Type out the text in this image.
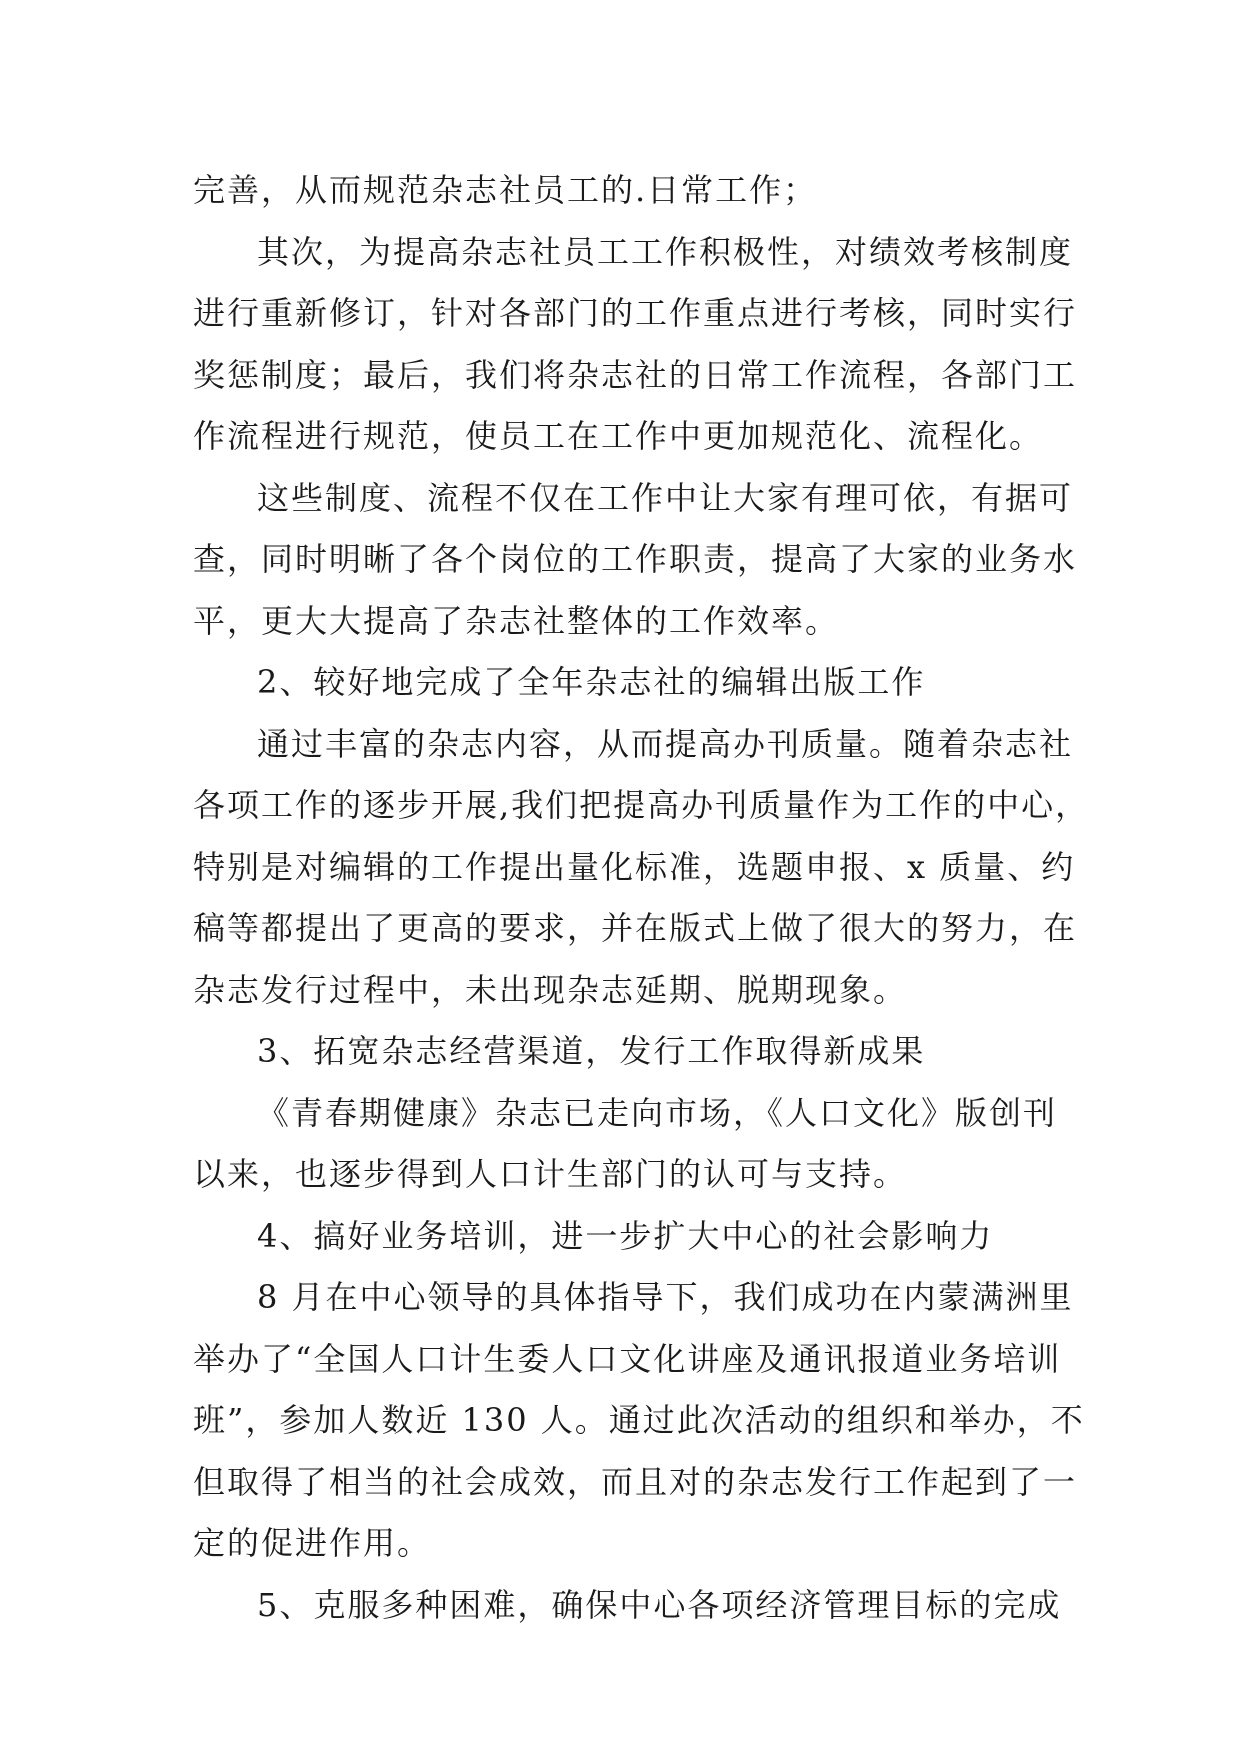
完善，从而规范杂志社员工的.日常工作；
其次，为提高杂志社员工工作积极性，对绩效考核制度
进行重新修订，针对各部门的工作重点进行考核，同时实行
奖惩制度；最后，我们将杂志社的日常工作流程，各部门工
作流程进行规范，使员工在工作中更加规范化、流程化。
这些制度、流程不仅在工作中让大家有理可依，有据可
查，同时明晰了各个岗位的工作职责，提高了大家的业务水
平，更大大提高了杂志社整体的工作效率。
2、较好地完成了全年杂志社的编辑出版工作
通过丰富的杂志内容，从而提高办刊质量。随着杂志社
各项工作的逐步开展,我们把提高办刊质量作为工作的中心，
特别是对编辑的工作提出量化标准，选题申报、x 质量、约
稿等都提出了更高的要求，并在版式上做了很大的努力，在
杂志发行过程中，未出现杂志延期、脱期现象。
3、拓宽杂志经营渠道，发行工作取得新成果
《青春期健康》杂志已走向市场，《人口文化》版创刊
以来，也逐步得到人口计生部门的认可与支持。
4、搞好业务培训，进一步扩大中心的社会影响力
8 月在中心领导的具体指导下，我们成功在内蒙满洲里
举办了“全国人口计生委人口文化讲座及通讯报道业务培训
班”，参加人数近 130 人。通过此次活动的组织和举办，不
但取得了相当的社会成效，而且对的杂志发行工作起到了一
定的促进作用。
5、克服多种困难，确保中心各项经济管理目标的完成
